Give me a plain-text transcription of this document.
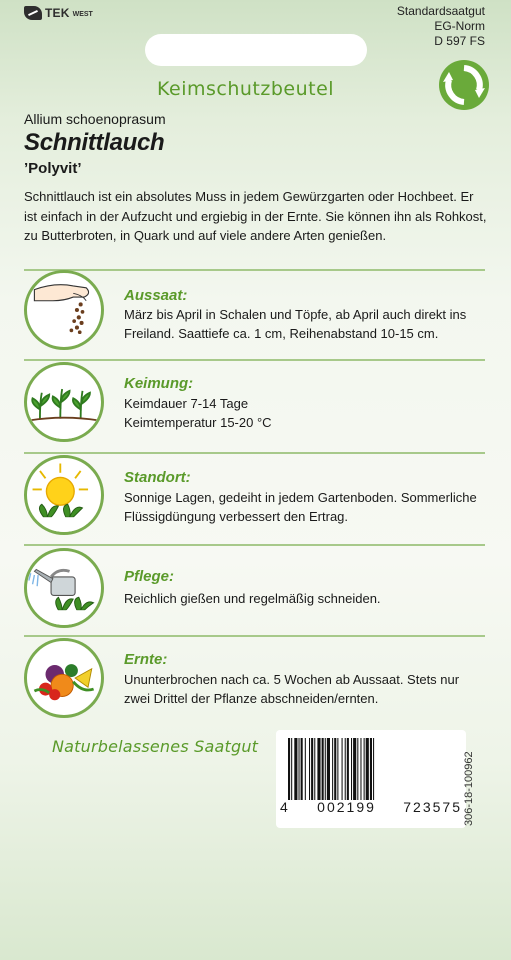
TEK WEST	Standardsaatgut
EG-Norm
D 597 FS
Keimschutzbeutel
Allium schoenoprasum
Schnittlauch
’Polyvit’
Schnittlauch ist ein absolutes Muss in jedem Gewürzgarten oder Hochbeet. Er ist einfach in der Aufzucht und ergiebig in der Ernte. Sie können ihn als Rohkost, zu Butterbroten, in Quark und auf viele andere Arten genießen.
Aussaat:
März bis April in Schalen und Töpfe, ab April auch direkt ins Freiland. Saattiefe ca. 1 cm, Reihenabstand 10-15 cm.
Keimung:
Keimdauer 7-14 Tage
Keimtemperatur 15-20 °C
Standort:
Sonnige Lagen, gedeiht in jedem Gartenboden. Sommerliche Flüssigdüngung verbessert den Ertrag.
Pflege:
Reichlich gießen und regelmäßig schneiden.
Ernte:
Ununterbrochen nach ca. 5 Wochen ab Aussaat. Stets nur zwei Drittel der Pflanze abschneiden/ernten.
Naturbelassenes Saatgut
4 002199 723575 306-18-100962
